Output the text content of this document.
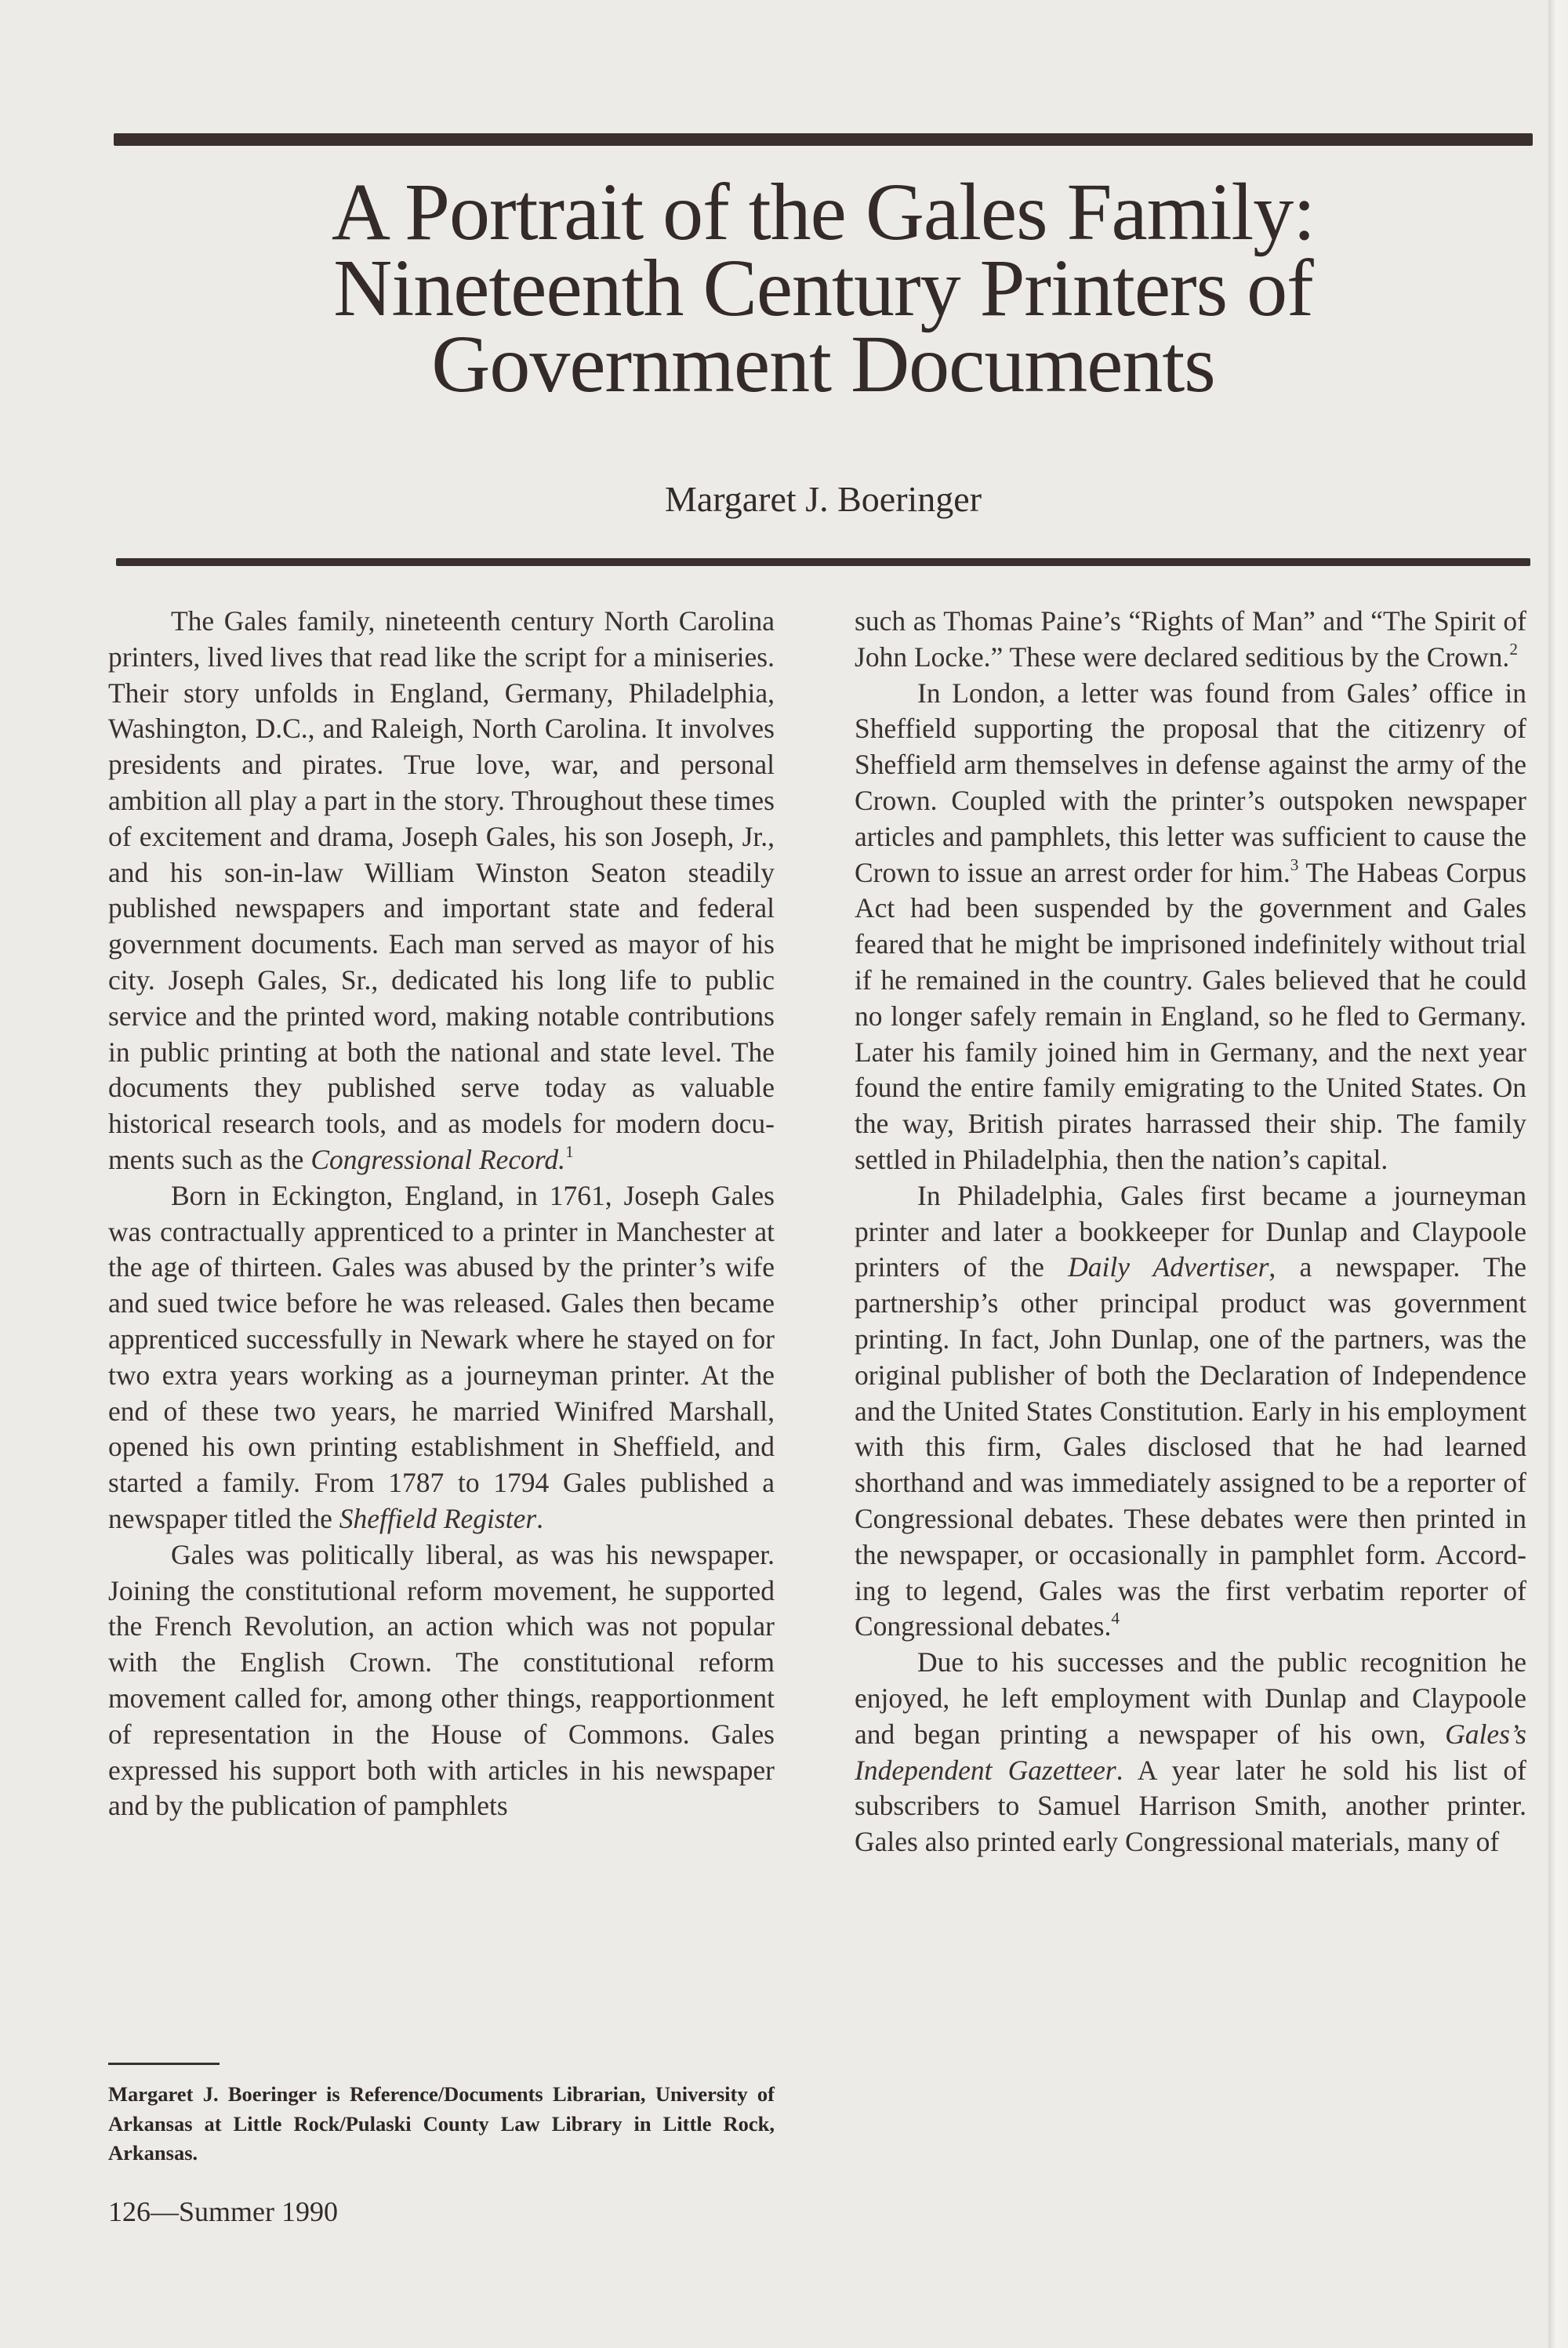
A Portrait of the Gales Family:
Nineteenth Century Printers of
Government Documents
Margaret J. Boeringer

The Gales family, nineteenth century North Carolina printers, lived lives that read like the script for a miniseries. Their story unfolds in England, Germany, Philadelphia, Washington, D.C., and Raleigh, North Carolina. It involves presidents and pirates. True love, war, and personal ambition all play a part in the story. Throughout these times of excitement and drama, Joseph Gales, his son Joseph, Jr., and his son-in-law William Winston Seaton steadily published newspapers and important state and federal government documents. Each man served as mayor of his city. Joseph Gales, Sr., dedicated his long life to public service and the printed word, making notable contributions in public printing at both the national and state level. The documents they published serve today as valuable historical research tools, and as models for modern documents such as the Congressional Record.$^1$

Born in Eckington, England, in 1761, Joseph Gales was contractually apprenticed to a printer in Manchester at the age of thirteen. Gales was abused by the printer’s wife and sued twice before he was released. Gales then became apprenticed successfully in Newark where he stayed on for two extra years working as a journeyman printer. At the end of these two years, he married Winifred Marshall, opened his own printing establishment in Sheffield, and started a family. From 1787 to 1794 Gales published a newspaper titled the Sheffield Register.

Gales was politically liberal, as was his newspaper. Joining the constitutional reform movement, he supported the French Revolution, an action which was not popular with the English Crown. The constitutional reform movement called for, among other things, reapportionment of representation in the House of Commons. Gales expressed his support both with articles in his newspaper and by the publication of pamphlets

such as Thomas Paine’s “Rights of Man” and “The Spirit of John Locke.” These were declared seditious by the Crown.$^2$

In London, a letter was found from Gales’ office in Sheffield supporting the proposal that the citizenry of Sheffield arm themselves in defense against the army of the Crown. Coupled with the printer’s outspoken newspaper articles and pamphlets, this letter was sufficient to cause the Crown to issue an arrest order for him.$^3$ The Habeas Corpus Act had been suspended by the government and Gales feared that he might be imprisoned indefinitely without trial if he remained in the country. Gales believed that he could no longer safely remain in England, so he fled to Germany. Later his family joined him in Germany, and the next year found the entire family emigrating to the United States. On the way, British pirates harrassed their ship. The family settled in Philadelphia, then the nation’s capital.

In Philadelphia, Gales first became a journeyman printer and later a bookkeeper for Dunlap and Claypoole printers of the Daily Advertiser, a newspaper. The partnership’s other principal product was government printing. In fact, John Dunlap, one of the partners, was the original publisher of both the Declaration of Independence and the United States Constitution. Early in his employment with this firm, Gales disclosed that he had learned shorthand and was immediately assigned to be a reporter of Congressional debates. These debates were then printed in the newspaper, or occasionally in pamphlet form. According to legend, Gales was the first verbatim reporter of Congressional debates.$^4$

Due to his successes and the public recognition he enjoyed, he left employment with Dunlap and Claypoole and began printing a newspaper of his own, Gales’s Independent Gazetteer. A year later he sold his list of subscribers to Samuel Harrison Smith, another printer. Gales also printed early Congressional materials, many of

Margaret J. Boeringer is Reference/Documents Librarian, University of Arkansas at Little Rock/Pulaski County Law Library in Little Rock, Arkansas.
126—Summer 1990
